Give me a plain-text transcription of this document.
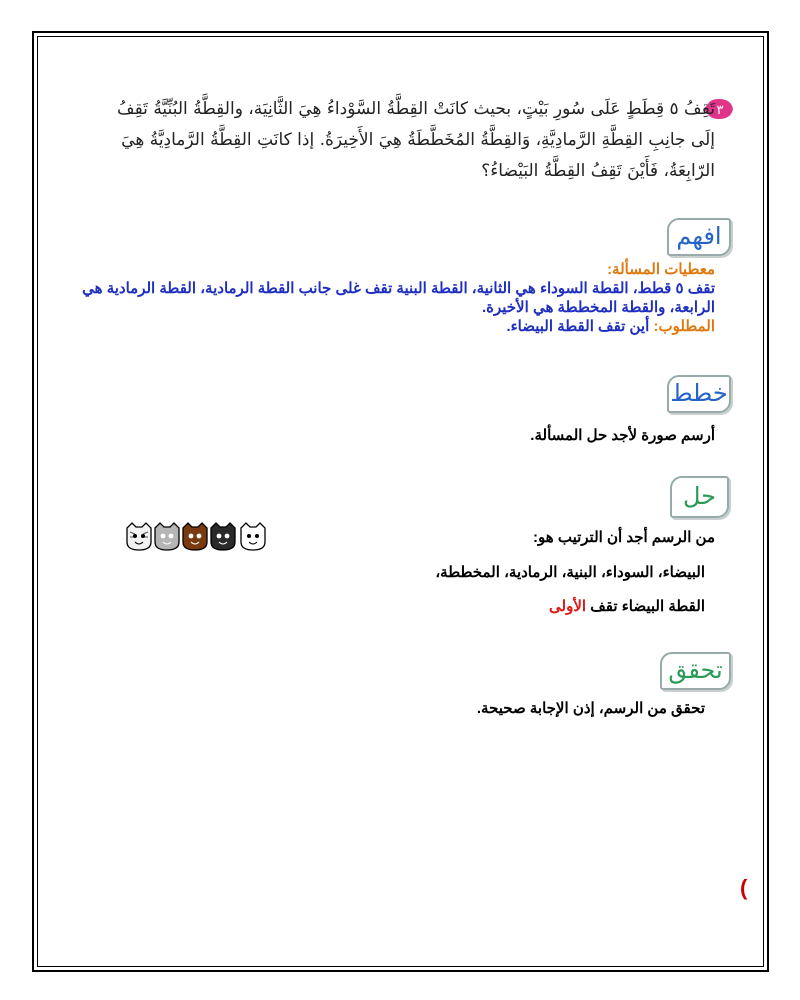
٣
تَقِفُ ٥ قِطَطٍ عَلَى سُورِ بَيْتٍ، بحيث كانَتْ القِطَّةُ السَّوْداءُ هِيَ الثَّانِيَة، والقِطَّةُ البُنِّيَّةُ تَقِفُ إلَى جانِبِ القِطَّةِ الرَّمادِيَّةِ، وَالقِطَّةُ المُخَطَّطَةُ هِيَ الأَخِيرَةُ. إذا كانَتِ القِطَّةُ الرَّمادِيَّةُ هِيَ الرّابِعَةُ، فَأَيْنَ تَقِفُ القِطَّةُ البَيْضاءُ؟
افهم
معطيات المسألة:
تقف ٥ قطط، القطة السوداء هي الثانية، القطة البنية تقف غلى جانب القطة الرمادية، القطة الرمادية هي الرابعة، والقطة المخططة هي الأخيرة.
المطلوب: أين تقف القطة البيضاء.
خطط
أرسم صورة لأجد حل المسألة.
حل
من الرسم أجد أن الترتيب هو:
البيضاء، السوداء، البنية، الرمادية، المخططة،
القطة البيضاء تقف الأولى
تحقق
تحقق من الرسم، إذن الإجابة صحيحة.
(
